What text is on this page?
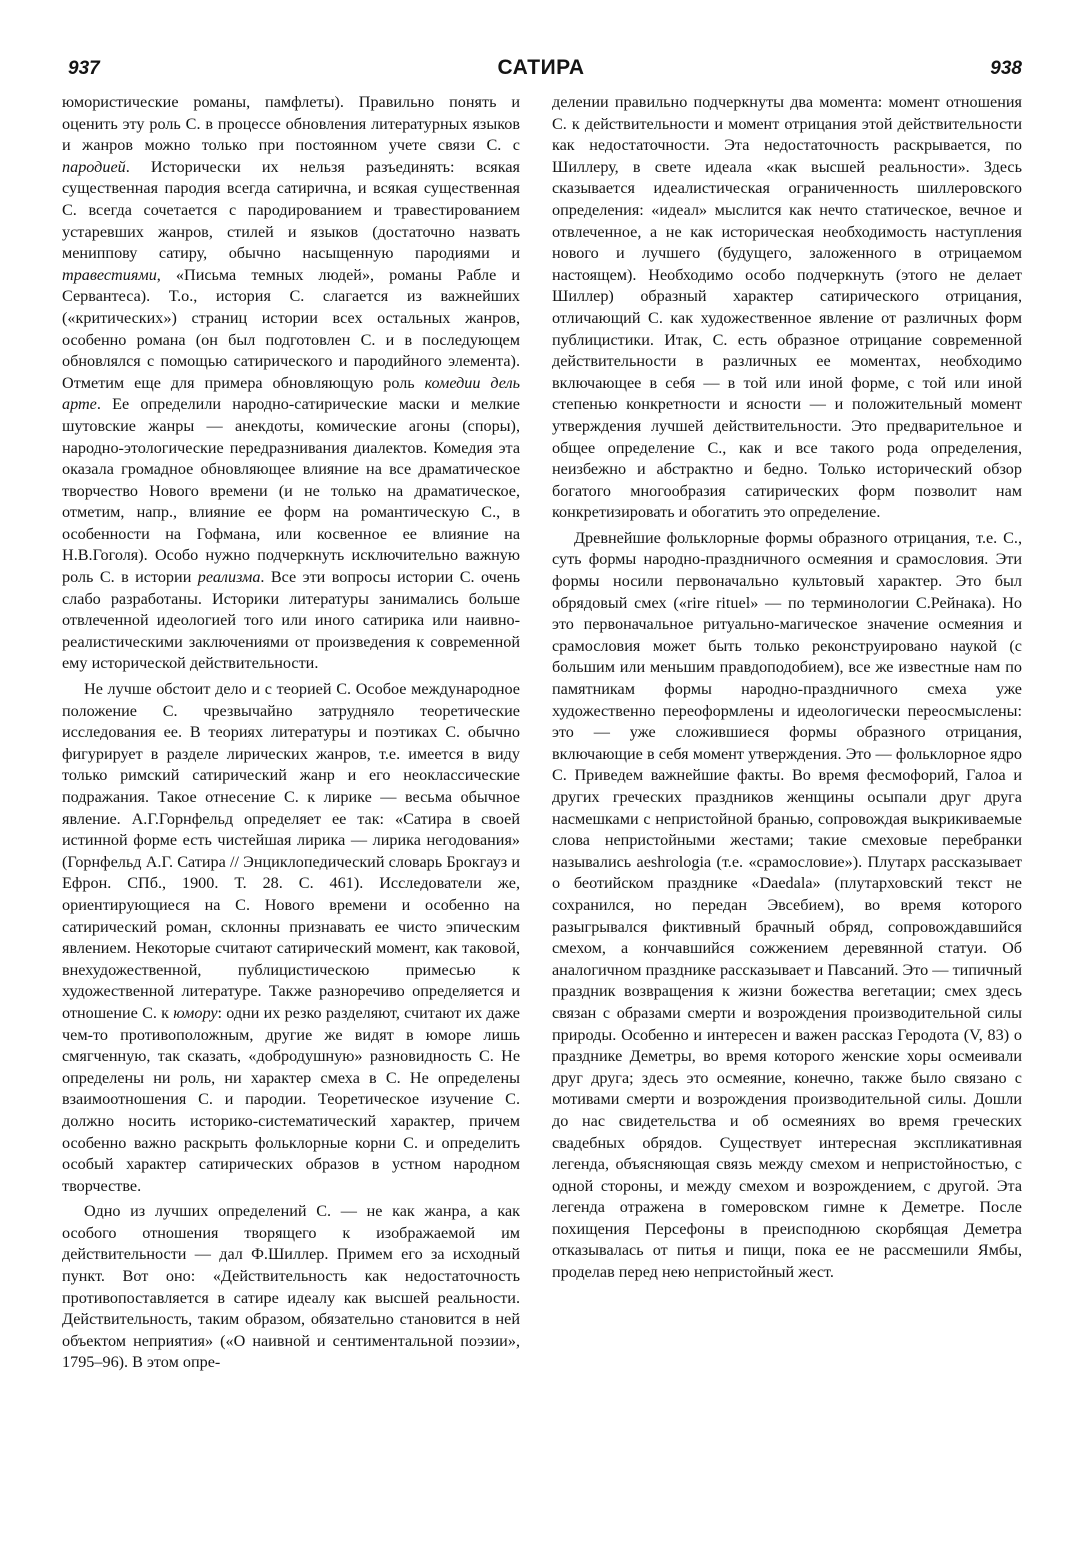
937	САТИРА	938

юмористические романы, памфлеты). Правильно понять и оценить эту роль С. в процессе обновления литературных языков и жанров можно только при постоянном учете связи С. с пародией. Исторически их нельзя разъединять: всякая существенная пародия всегда сатирична, и всякая существенная С. всегда сочетается с пародированием и травестированием устаревших жанров, стилей и языков (достаточно назвать мениппову сатиру, обычно насыщенную пародиями и травестиями, «Письма темных людей», романы Рабле и Сервантеса). Т.о., история С. слагается из важнейших («критических») страниц истории всех остальных жанров, особенно романа (он был подготовлен С. и в последующем обновлялся с помощью сатирического и пародийного элемента). Отметим еще для примера обновляющую роль комедии дель арте. Ее определили народно-сатирические маски и мелкие шутовские жанры — анекдоты, комические агоны (споры), народно-этологические передразнивания диалектов. Комедия эта оказала громадное обновляющее влияние на все драматическое творчество Нового времени (и не только на драматическое, отметим, напр., влияние ее форм на романтическую С., в особенности на Гофмана, или косвенное ее влияние на Н.В.Гоголя). Особо нужно подчеркнуть исключительно важную роль С. в истории реализма. Все эти вопросы истории С. очень слабо разработаны. Историки литературы занимались больше отвлеченной идеологией того или иного сатирика или наивно-реалистическими заключениями от произведения к современной ему исторической действительности.

Не лучше обстоит дело и с теорией С. Особое международное положение С. чрезвычайно затрудняло теоретические исследования ее. В теориях литературы и поэтиках С. обычно фигурирует в разделе лирических жанров, т.е. имеется в виду только римский сатирический жанр и его неоклассические подражания. Такое отнесение С. к лирике — весьма обычное явление. А.Г.Горнфельд определяет ее так: «Сатира в своей истинной форме есть чистейшая лирика — лирика негодования» (Горнфельд А.Г. Сатира // Энциклопедический словарь Брокгауз и Ефрон. СПб., 1900. Т. 28. С. 461). Исследователи же, ориентирующиеся на С. Нового времени и особенно на сатирический роман, склонны признавать ее чисто эпическим явлением. Некоторые считают сатирический момент, как таковой, внехудожественной, публицистическою примесью к художественной литературе. Также разноречиво определяется и отношение С. к юмору: одни их резко разделяют, считают их даже чем-то противоположным, другие же видят в юморе лишь смягченную, так сказать, «добродушную» разновидность С. Не определены ни роль, ни характер смеха в С. Не определены взаимоотношения С. и пародии. Теоретическое изучение С. должно носить историко-систематический характер, причем особенно важно раскрыть фольклорные корни С. и определить особый характер сатирических образов в устном народном творчестве.

Одно из лучших определений С. — не как жанра, а как особого отношения творящего к изображаемой им действительности — дал Ф.Шиллер. Примем его за исходный пункт. Вот оно: «Действительность как недостаточность противопоставляется в сатире идеалу как высшей реальности. Действительность, таким образом, обязательно становится в ней объектом неприятия» («О наивной и сентиментальной поэзии», 1795–96). В этом опре-

делении правильно подчеркнуты два момента: момент отношения С. к действительности и момент отрицания этой действительности как недостаточности. Эта недостаточность раскрывается, по Шиллеру, в свете идеала «как высшей реальности». Здесь сказывается идеалистическая ограниченность шиллеровского определения: «идеал» мыслится как нечто статическое, вечное и отвлеченное, а не как историческая необходимость наступления нового и лучшего (будущего, заложенного в отрицаемом настоящем). Необходимо особо подчеркнуть (этого не делает Шиллер) образный характер сатирического отрицания, отличающий С. как художественное явление от различных форм публицистики. Итак, С. есть образное отрицание современной действительности в различных ее моментах, необходимо включающее в себя — в той или иной форме, с той или иной степенью конкретности и ясности — и положительный момент утверждения лучшей действительности. Это предварительное и общее определение С., как и все такого рода определения, неизбежно и абстрактно и бедно. Только исторический обзор богатого многообразия сатирических форм позволит нам конкретизировать и обогатить это определение.

Древнейшие фольклорные формы образного отрицания, т.е. С., суть формы народно-праздничного осмеяния и срамословия. Эти формы носили первоначально культовый характер. Это был обрядовый смех («rire rituel» — по терминологии С.Рейнака). Но это первоначальное ритуально-магическое значение осмеяния и срамословия может быть только реконструировано наукой (с большим или меньшим правдоподобием), все же известные нам по памятникам формы народно-праздничного смеха уже художественно переоформлены и идеологически переосмыслены: это — уже сложившиеся формы образного отрицания, включающие в себя момент утверждения. Это — фольклорное ядро С. Приведем важнейшие факты. Во время фесмофорий, Галоа и других греческих праздников женщины осыпали друг друга насмешками с непристойной бранью, сопровождая выкрикиваемые слова непристойными жестами; такие смеховые перебранки назывались aeshrologia (т.е. «срамословие»). Плутарх рассказывает о беотийском празднике «Daedala» (плутарховский текст не сохранился, но передан Эвсебием), во время которого разыгрывался фиктивный брачный обряд, сопровождавшийся смехом, а кончавшийся сожжением деревянной статуи. Об аналогичном празднике рассказывает и Павсаний. Это — типичный праздник возвращения к жизни божества вегетации; смех здесь связан с образами смерти и возрождения производительной силы природы. Особенно и интересен и важен рассказ Геродота (V, 83) о празднике Деметры, во время которого женские хоры осмеивали друг друга; здесь это осмеяние, конечно, также было связано с мотивами смерти и возрождения производительной силы. Дошли до нас свидетельства и об осмеяниях во время греческих свадебных обрядов. Существует интересная экспликативная легенда, объясняющая связь между смехом и непристойностью, с одной стороны, и между смехом и возрождением, с другой. Эта легенда отражена в гомеровском гимне к Деметре. После похищения Персефоны в преисподнюю скорбящая Деметра отказывалась от питья и пищи, пока ее не рассмешили Ямбы, проделав перед нею непристойный жест.
